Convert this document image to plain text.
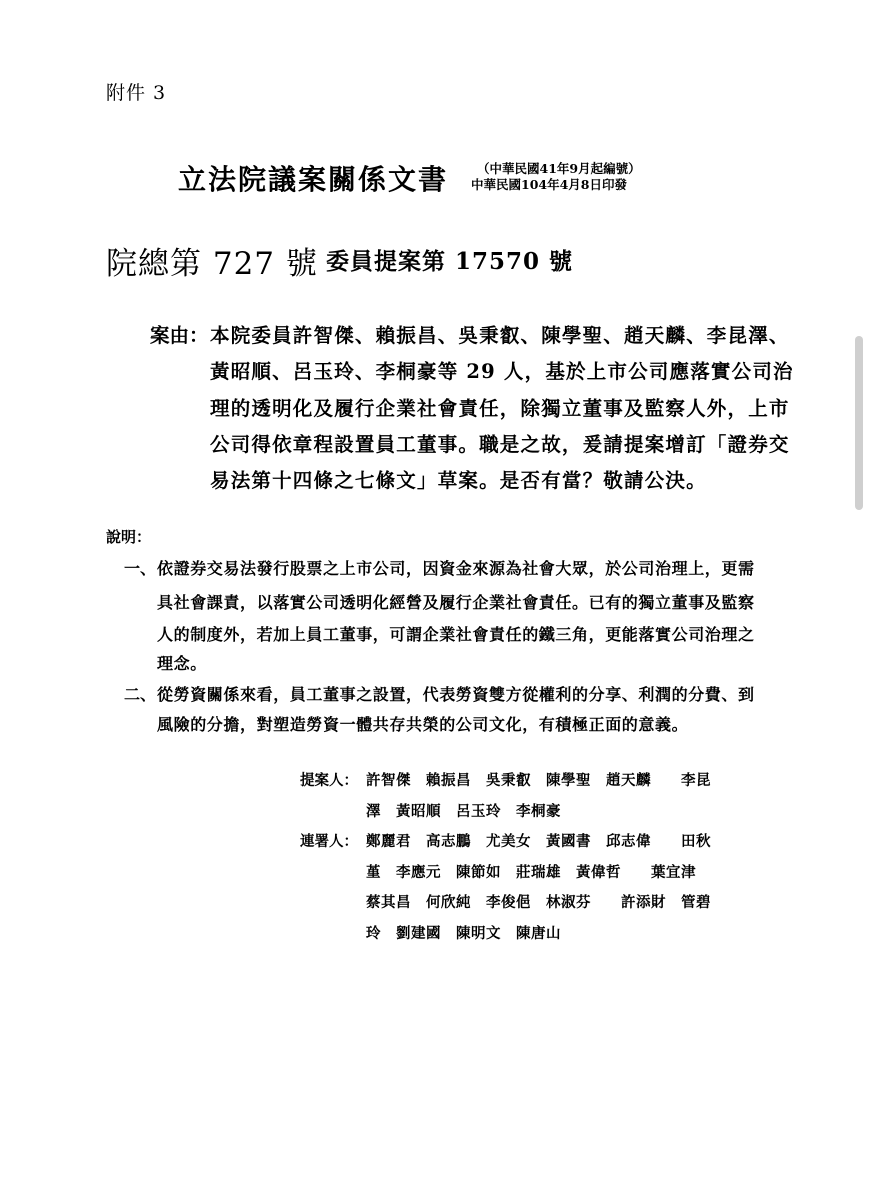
附件 3
立法院議案關係文書	（中華民國41年9月起編號）
中華民國104年4月8日印發
院總第 727 號 委員提案第 17570 號
案由： 本院委員許智傑、賴振昌、吳秉叡、陳學聖、趙天麟、李昆澤、
黃昭順、呂玉玲、李桐豪等 29 人，基於上市公司應落實公司治
理的透明化及履行企業社會責任，除獨立董事及監察人外，上市
公司得依章程設置員工董事。職是之故，爰請提案增訂「證券交
易法第十四條之七條文」草案。是否有當？敬請公決。
說明：
一、 依證券交易法發行股票之上市公司，因資金來源為社會大眾，於公司治理上，更需
具社會課責，以落實公司透明化經營及履行企業社會責任。已有的獨立董事及監察
人的制度外，若加上員工董事，可謂企業社會責任的鐵三角，更能落實公司治理之
理念。
二、 從勞資關係來看，員工董事之設置，代表勞資雙方從權利的分享、利潤的分費、到
風險的分擔，對塑造勞資一體共存共榮的公司文化，有積極正面的意義。
提案人： 許智傑　賴振昌　吳秉叡　陳學聖　趙天麟　　李昆
澤　黃昭順　呂玉玲　李桐豪
連署人： 鄭麗君　高志鵬　尤美女　黃國書　邱志偉　　田秋
堇　李應元　陳節如　莊瑞雄　黃偉哲　　葉宜津
蔡其昌　何欣純　李俊俋　林淑芬　　許添財　管碧
玲　劉建國　陳明文　陳唐山
